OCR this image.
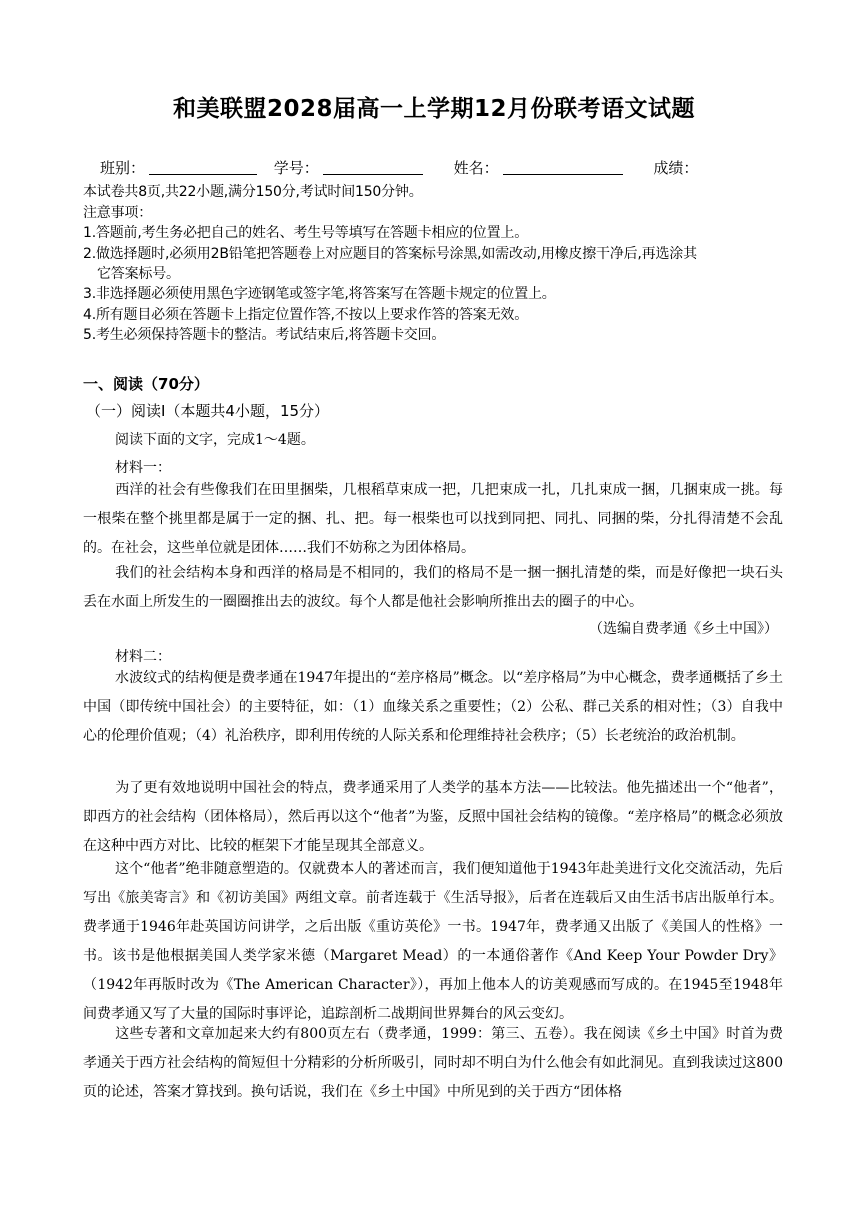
和美联盟2028届高一上学期12月份联考语文试题
班别：	学号：	姓名：	成绩：
本试卷共8页,共22小题,满分150分,考试时间150分钟。
注意事项：
1.答题前,考生务必把自己的姓名、考生号等填写在答题卡相应的位置上。
2.做选择题时,必须用2B铅笔把答题卷上对应题目的答案标号涂黑,如需改动,用橡皮擦干净后,再选涂其
它答案标号。
3.非选择题必须使用黑色字迹钢笔或签字笔,将答案写在答题卡规定的位置上。
4.所有题目必须在答题卡上指定位置作答,不按以上要求作答的答案无效。
5.考生必须保持答题卡的整洁。考试结束后,将答题卡交回。
一、阅读（70分）
（一）阅读Ⅰ（本题共4小题，15分）
阅读下面的文字，完成1～4题。
材料一：
西洋的社会有些像我们在田里捆柴，几根稻草束成一把，几把束成一扎，几扎束成一捆，几捆束成一挑。每一根柴在整个挑里都是属于一定的捆、扎、把。每一根柴也可以找到同把、同扎、同捆的柴，分扎得清楚不会乱的。在社会，这些单位就是团体……我们不妨称之为团体格局。
我们的社会结构本身和西洋的格局是不相同的，我们的格局不是一捆一捆扎清楚的柴，而是好像把一块石头丢在水面上所发生的一圈圈推出去的波纹。每个人都是他社会影响所推出去的圈子的中心。
（选编自费孝通《乡土中国》）
材料二：
水波纹式的结构便是费孝通在1947年提出的“差序格局”概念。以“差序格局”为中心概念，费孝通概括了乡土中国（即传统中国社会）的主要特征，如：（1）血缘关系之重要性；（2）公私、群己关系的相对性；（3）自我中心的伦理价值观；（4）礼治秩序，即利用传统的人际关系和伦理维持社会秩序；（5）长老统治的政治机制。
为了更有效地说明中国社会的特点，费孝通采用了人类学的基本方法——比较法。他先描述出一个“他者”，即西方的社会结构（团体格局），然后再以这个“他者”为鉴，反照中国社会结构的镜像。“差序格局”的概念必须放在这种中西方对比、比较的框架下才能呈现其全部意义。
这个“他者”绝非随意塑造的。仅就费本人的著述而言，我们便知道他于1943年赴美进行文化交流活动，先后写出《旅美寄言》和《初访美国》两组文章。前者连载于《生活导报》，后者在连载后又由生活书店出版单行本。费孝通于1946年赴英国访问讲学，之后出版《重访英伦》一书。1947年，费孝通又出版了《美国人的性格》一书。该书是他根据美国人类学家米德（Margaret Mead）的一本通俗著作《And Keep Your Powder Dry》（1942年再版时改为《The American Character》），再加上他本人的访美观感而写成的。在1945至1948年间费孝通又写了大量的国际时事评论，追踪剖析二战期间世界舞台的风云变幻。
这些专著和文章加起来大约有800页左右（费孝通，1999：第三、五卷）。我在阅读《乡土中国》时首为费孝通关于西方社会结构的简短但十分精彩的分析所吸引，同时却不明白为什么他会有如此洞见。直到我读过这800页的论述，答案才算找到。换句话说，我们在《乡土中国》中所见到的关于西方“团体格
